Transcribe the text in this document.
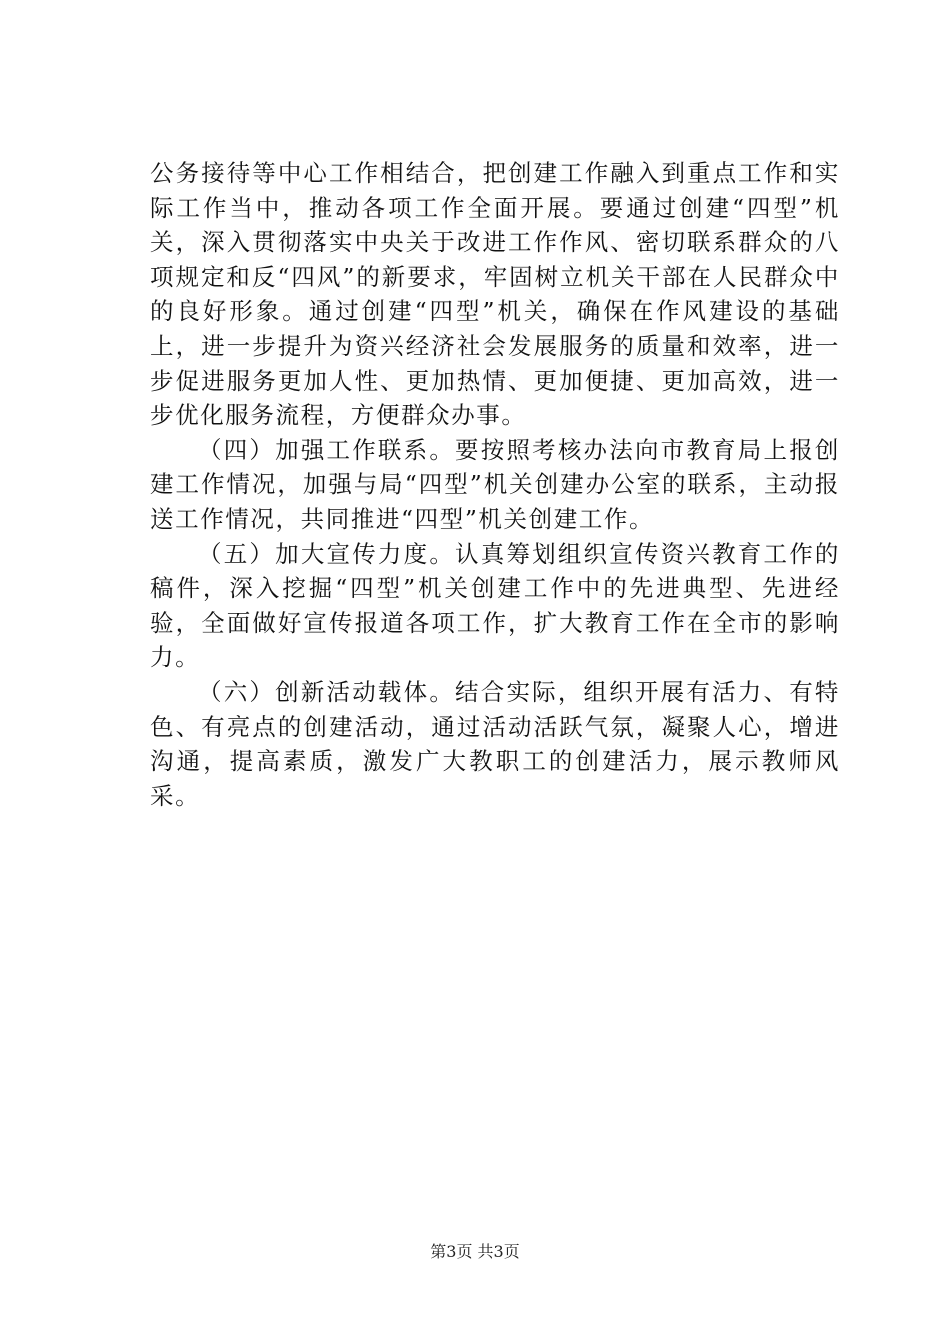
公务接待等中心工作相结合，把创建工作融入到重点工作和实际工作当中，推动各项工作全面开展。要通过创建“四型”机关，深入贯彻落实中央关于改进工作作风、密切联系群众的八项规定和反“四风”的新要求，牢固树立机关干部在人民群众中的良好形象。通过创建“四型”机关，确保在作风建设的基础上，进一步提升为资兴经济社会发展服务的质量和效率，进一步促进服务更加人性、更加热情、更加便捷、更加高效，进一步优化服务流程，方便群众办事。

（四）加强工作联系。要按照考核办法向市教育局上报创建工作情况，加强与局“四型”机关创建办公室的联系，主动报送工作情况，共同推进“四型”机关创建工作。

（五）加大宣传力度。认真筹划组织宣传资兴教育工作的稿件，深入挖掘“四型”机关创建工作中的先进典型、先进经验，全面做好宣传报道各项工作，扩大教育工作在全市的影响力。

（六）创新活动载体。结合实际，组织开展有活力、有特色、有亮点的创建活动，通过活动活跃气氛，凝聚人心，增进沟通，提高素质，激发广大教职工的创建活力，展示教师风采。

第3页 共3页
